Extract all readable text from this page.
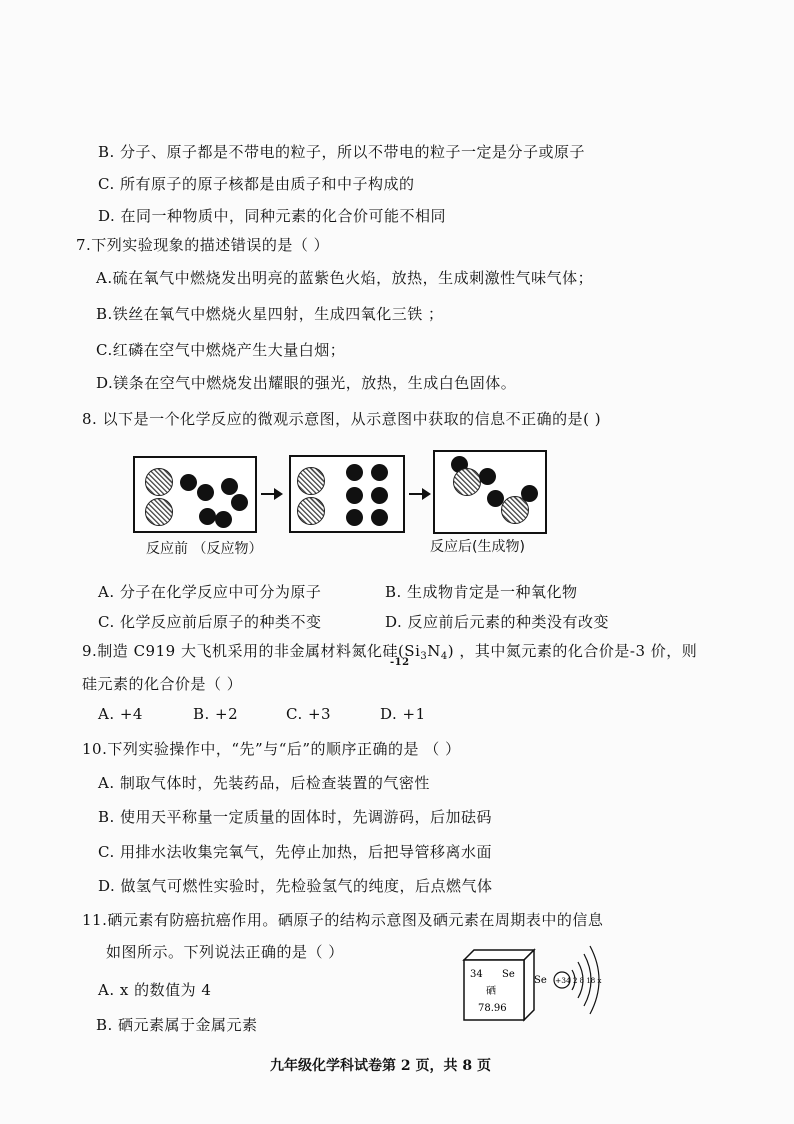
B. 分子、原子都是不带电的粒子，所以不带电的粒子一定是分子或原子
C. 所有原子的原子核都是由质子和中子构成的
D. 在同一种物质中，同种元素的化合价可能不相同
7.下列实验现象的描述错误的是（ ）
A.硫在氧气中燃烧发出明亮的蓝紫色火焰，放热，生成刺激性气味气体；
B.铁丝在氧气中燃烧火星四射，生成四氧化三铁 ；
C.红磷在空气中燃烧产生大量白烟；
D.镁条在空气中燃烧发出耀眼的强光，放热，生成白色固体。
8. 以下是一个化学反应的微观示意图，从示意图中获取的信息不正确的是( )
反应前 （反应物）	反应后(生成物)
A. 分子在化学反应中可分为原子	B. 生成物肯定是一种氧化物
C. 化学反应前后原子的种类不变	D. 反应前后元素的种类没有改变
9.制造 C919 大飞机采用的非金属材料氮化硅$(Si_3N_4)$ ，其中氮元素的化合价是-3 价，则
-12
硅元素的化合价是（ ）
A. +4	B. +2	C. +3	D. +1
10.下列实验操作中，“先”与“后”的顺序正确的是 （ ）
A. 制取气体时，先装药品，后检查装置的气密性
B. 使用天平称量一定质量的固体时，先调游码，后加砝码
C. 用排水法收集完氧气，先停止加热，后把导管移离水面
D. 做氢气可燃性实验时，先检验氢气的纯度，后点燃气体
11.硒元素有防癌抗癌作用。硒原子的结构示意图及硒元素在周期表中的信息
如图所示。下列说法正确的是（ ）
A. x 的数值为 4
B. 硒元素属于金属元素
34 Se
硒
78.96
Se +34 2 8 18 x
九年级化学科试卷第 2 页，共 8 页
